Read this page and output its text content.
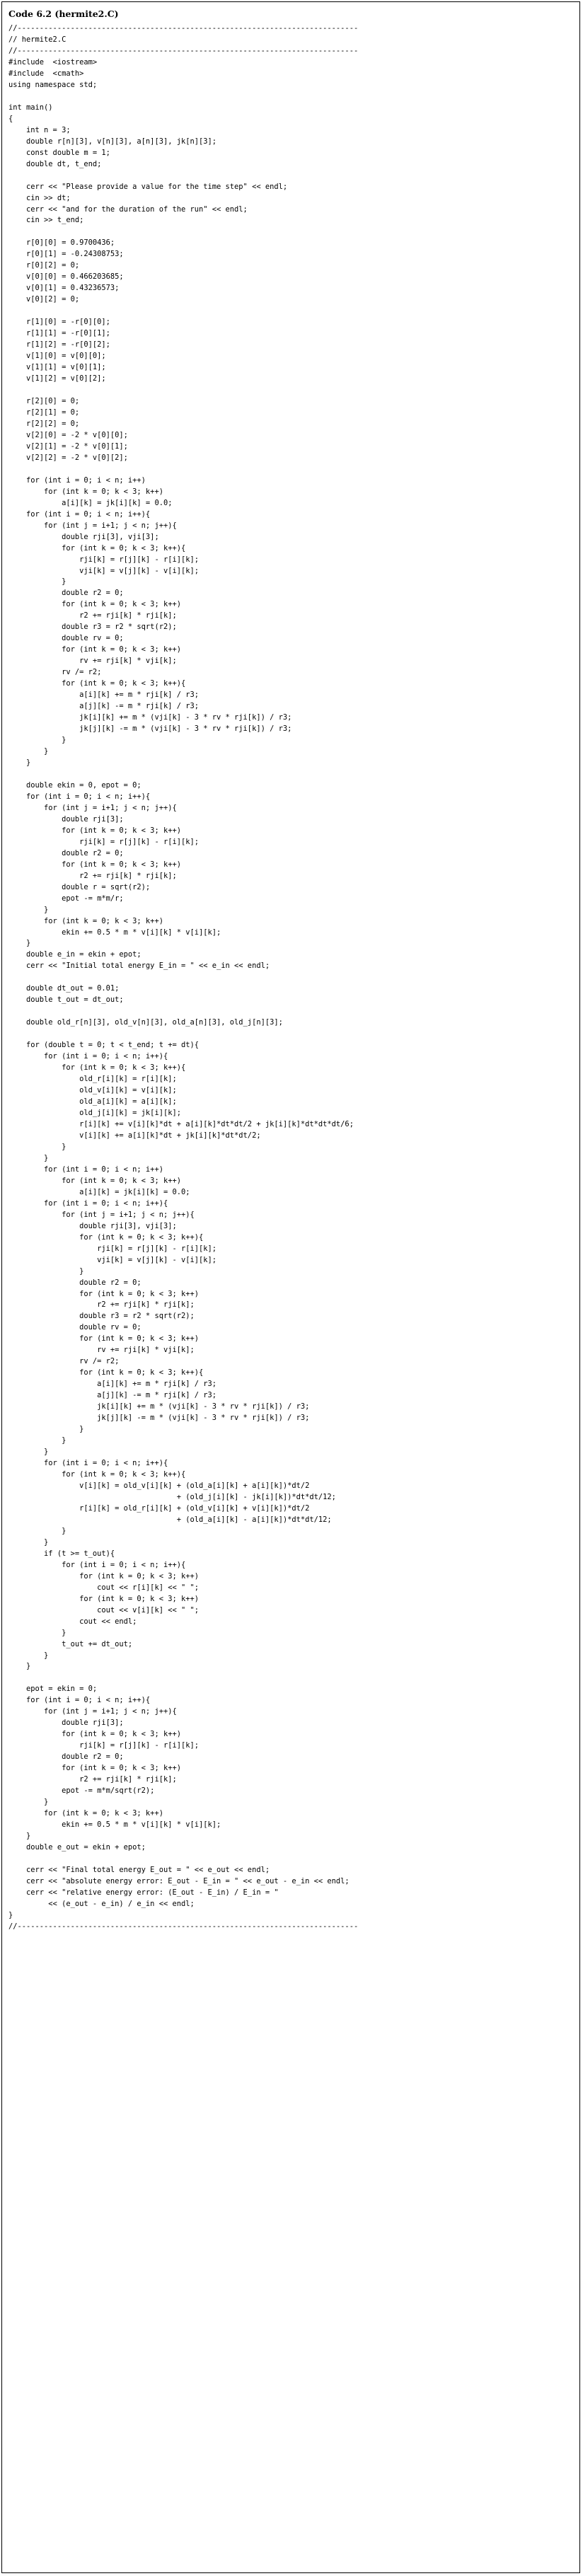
Code 6.2 (hermite2.C)
//-----------------------------------------------------------------------------
// hermite2.C
//-----------------------------------------------------------------------------
#include  <iostream>
#include  <cmath>
using namespace std;
int main()
{
int n = 3;
double r[n][3], v[n][3], a[n][3], jk[n][3];
const double m = 1;
double dt, t_end;
cerr << "Please provide a value for the time step" << endl;
cin >> dt;
cerr << "and for the duration of the run" << endl;
cin >> t_end;
r[0][0] = 0.9700436;
r[0][1] = -0.24308753;
r[0][2] = 0;
v[0][0] = 0.466203685;
v[0][1] = 0.43236573;
v[0][2] = 0;
r[1][0] = -r[0][0];
r[1][1] = -r[0][1];
r[1][2] = -r[0][2];
v[1][0] = v[0][0];
v[1][1] = v[0][1];
v[1][2] = v[0][2];
r[2][0] = 0;
r[2][1] = 0;
r[2][2] = 0;
v[2][0] = -2 * v[0][0];
v[2][1] = -2 * v[0][1];
v[2][2] = -2 * v[0][2];
for (int i = 0; i < n; i++)
for (int k = 0; k < 3; k++)
a[i][k] = jk[i][k] = 0.0;
for (int i = 0; i < n; i++){
for (int j = i+1; j < n; j++){
double rji[3], vji[3];
for (int k = 0; k < 3; k++){
rji[k] = r[j][k] - r[i][k];
vji[k] = v[j][k] - v[i][k];
}
double r2 = 0;
for (int k = 0; k < 3; k++)
r2 += rji[k] * rji[k];
double r3 = r2 * sqrt(r2);
double rv = 0;
for (int k = 0; k < 3; k++)
rv += rji[k] * vji[k];
rv /= r2;
for (int k = 0; k < 3; k++){
a[i][k] += m * rji[k] / r3;
a[j][k] -= m * rji[k] / r3;
jk[i][k] += m * (vji[k] - 3 * rv * rji[k]) / r3;
jk[j][k] -= m * (vji[k] - 3 * rv * rji[k]) / r3;
}
}
}
double ekin = 0, epot = 0;
for (int i = 0; i < n; i++){
for (int j = i+1; j < n; j++){
double rji[3];
for (int k = 0; k < 3; k++)
rji[k] = r[j][k] - r[i][k];
double r2 = 0;
for (int k = 0; k < 3; k++)
r2 += rji[k] * rji[k];
double r = sqrt(r2);
epot -= m*m/r;
}
for (int k = 0; k < 3; k++)
ekin += 0.5 * m * v[i][k] * v[i][k];
}
double e_in = ekin + epot;
cerr << "Initial total energy E_in = " << e_in << endl;
double dt_out = 0.01;
double t_out = dt_out;
double old_r[n][3], old_v[n][3], old_a[n][3], old_j[n][3];
for (double t = 0; t < t_end; t += dt){
for (int i = 0; i < n; i++){
for (int k = 0; k < 3; k++){
old_r[i][k] = r[i][k];
old_v[i][k] = v[i][k];
old_a[i][k] = a[i][k];
old_j[i][k] = jk[i][k];
r[i][k] += v[i][k]*dt + a[i][k]*dt*dt/2 + jk[i][k]*dt*dt*dt/6;
v[i][k] += a[i][k]*dt + jk[i][k]*dt*dt/2;
}
}
for (int i = 0; i < n; i++)
for (int k = 0; k < 3; k++)
a[i][k] = jk[i][k] = 0.0;
for (int i = 0; i < n; i++){
for (int j = i+1; j < n; j++){
double rji[3], vji[3];
for (int k = 0; k < 3; k++){
rji[k] = r[j][k] - r[i][k];
vji[k] = v[j][k] - v[i][k];
}
double r2 = 0;
for (int k = 0; k < 3; k++)
r2 += rji[k] * rji[k];
double r3 = r2 * sqrt(r2);
double rv = 0;
for (int k = 0; k < 3; k++)
rv += rji[k] * vji[k];
rv /= r2;
for (int k = 0; k < 3; k++){
a[i][k] += m * rji[k] / r3;
a[j][k] -= m * rji[k] / r3;
jk[i][k] += m * (vji[k] - 3 * rv * rji[k]) / r3;
jk[j][k] -= m * (vji[k] - 3 * rv * rji[k]) / r3;
}
}
}
for (int i = 0; i < n; i++){
for (int k = 0; k < 3; k++){
v[i][k] = old_v[i][k] + (old_a[i][k] + a[i][k])*dt/2
+ (old_j[i][k] - jk[i][k])*dt*dt/12;
r[i][k] = old_r[i][k] + (old_v[i][k] + v[i][k])*dt/2
+ (old_a[i][k] - a[i][k])*dt*dt/12;
}
}
if (t >= t_out){
for (int i = 0; i < n; i++){
for (int k = 0; k < 3; k++)
cout << r[i][k] << " ";
for (int k = 0; k < 3; k++)
cout << v[i][k] << " ";
cout << endl;
}
t_out += dt_out;
}
}
epot = ekin = 0;
for (int i = 0; i < n; i++){
for (int j = i+1; j < n; j++){
double rji[3];
for (int k = 0; k < 3; k++)
rji[k] = r[j][k] - r[i][k];
double r2 = 0;
for (int k = 0; k < 3; k++)
r2 += rji[k] * rji[k];
epot -= m*m/sqrt(r2);
}
for (int k = 0; k < 3; k++)
ekin += 0.5 * m * v[i][k] * v[i][k];
}
double e_out = ekin + epot;
cerr << "Final total energy E_out = " << e_out << endl;
cerr << "absolute energy error: E_out - E_in = " << e_out - e_in << endl;
cerr << "relative energy error: (E_out - E_in) / E_in = "
<< (e_out - e_in) / e_in << endl;
}
//-----------------------------------------------------------------------------
